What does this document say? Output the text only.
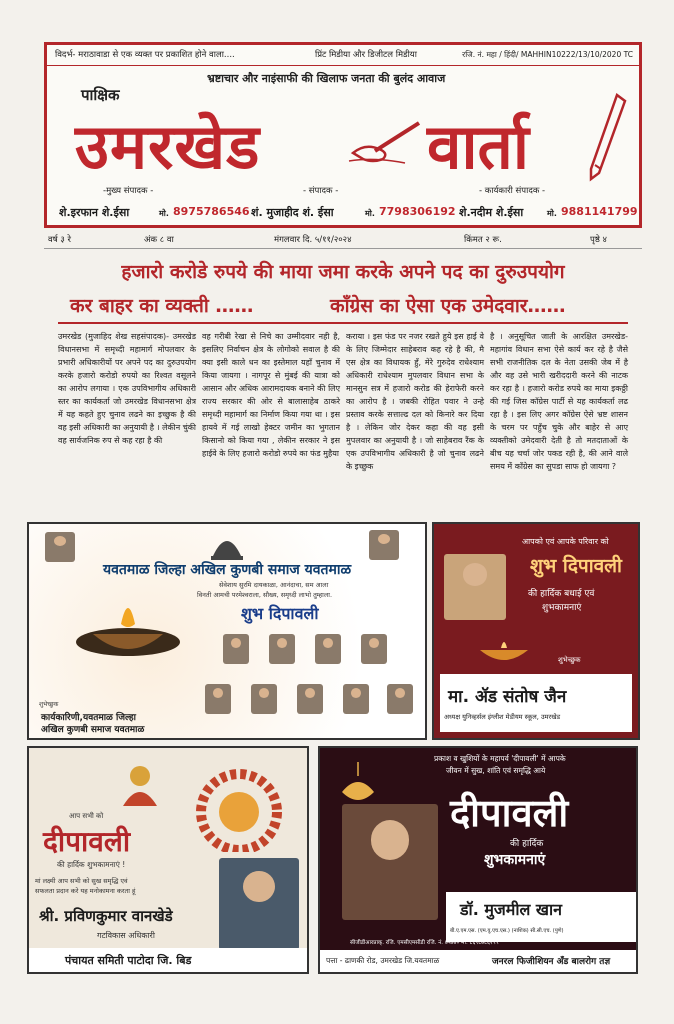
विदर्भ- मराठावाडा से एक व्यक्त पर प्रकाशित होने वाला....	प्रिंट मिडीया और डिजीटल मिडीया	रजि. नं. महा / हिंदी/ MAHHIN10222/13/10/2020 TC
भ्रष्टाचार और नाइंसाफी की खिलाफ जनता की बुलंद आवाज
पाक्षिक
उमरखेड	वार्ता
-मुख्य संपादक -	- संपादक -	- कार्यकारी संपादक -
शे.इरफान शे.ईसा	मो. 8975786546 शं. मुजाहीद शं. ईसा	मो. 7798306192 शे.नदीम शे.ईसा	मो. 9881141799
वर्ष ३ रे	अंक ८ वा	मंगलवार दि. ५/११/२०२४	किंमत २ रू.	पृष्ठे ४
हजारो करोडे रुपये की माया जमा करके अपने पद का दुरुउपयोग
कर बाहर का व्यक्ती ……	काँग्रेस का ऐसा एक उमेदवार……
उमरखेड (मुजाहिद शेख सहसंपादक)- उमरखेड विधानसभा में समृध्दी महामार्ग मोपलवार के प्रभारी अधिकारीयों पर अपने पद का दुरुउपयोग करके हजारो करोडो रुपयो का रिश्वत वसूलने का आरोप लगाया । एक उपविभागीय अधिकारी स्तर का कार्यकर्ता जो उमरखेड विधानसभा क्षेत्र में यह कहते हुए चुनाव लढने का इच्छुक है की वह इसी अधिकारी का अनुयायी है । लेकीन चुंकी वह सार्वजनिक रुप से कह रहा है की
वह गरीबी रेखा से निचे का उम्मीदवार नही है, इसलिए निर्वाचन क्षेत्र के लोगोको सवाल है की क्या इसी काले धन का इस्तेमाल यहाँ चुनाव में किया जायगा । नागपूर से मुंबई की यात्रा को आसान और अधिक आरामदायक बनाने की लिए राज्य सरकार की ओर से बालासाहेब ठाकरे समृध्दी महामार्ग का निर्माण किया गया था । इस हायवे में गई लाखो हेक्टर जमीन का भुगतान किसानो को किया गया , लेकीन सरकार ने इस हाईवे के लिए हजारो करोडो रुपये का फंड मुहैया
कराया । इस फंड पर नजर रखते हुये इस हाई वे के लिए जिम्मेदार साहेबराव कह रहे है की, मै एस क्षेत्र का विधायक हुँ, मेरे गुरुदेव राधेश्याम अधिकारी राधेश्याम मुपलवार विधान सभा के मानसुन सत्र में हजारो करोड की हेराफेरी करने का आरोप है । जबकी रोहित पवार ने उन्हे प्रस्ताव करके सत्ताल्ढ दल को किनारे कर दिया है । लेकिन जोर देकर कहा की वह इसी मुपलवार का अनुयायी है । जो साहेबराव रैंक के एक उपविभागीय अधिकारी है जो चुनाव लढने के इच्छुक
है । अनुसूचित जाती के आरक्षित उमरखेड- महागांव विधान सभा ऐसे कार्य कर रहे है जैसे सभी राजनीतिक दल के नेता उसकी जेब में है और वह उसे भारी खरीददारी करने की नाटक कर रहा है । हजारो करोड रुपये का माया इकठ्ठी की गई जिस कॉग्रेस पार्टी से यह कार्यकर्ता लढ रहा है । इस लिए अगर कॉग्रेस ऐसे भ्रष्ट शासन के चरम पर पहुँच चुके और बाहेर से आए व्यक्तीको उमेदवारी देती है तो मतदाताओं के बीच यह चर्चा जोर पकड रही है, की आने वाले समय में काँग्रेस का सुपडा साफ हो जायगा ?
यवतमाळ जिल्हा अखिल कुणबी समाज यवतमाळ
सेवेशाय सुरमि दायकाळा, आनंदाचा, सम आला
विनती आमची परमेश्वराला, सौख्य, समृध्दी लाभो तुम्हाला.
शुभ दिपावली
शुभेच्छुक
कार्यकारिणी,यवतमाळ जिल्हा
अखिल कुणबी समाज यवतमाळ
आपको एवं आपके परिवार को
शुभ दिपावली
की हार्दिक बधाई एवं
शुभकामनाएं
शुभेच्छुक
मा. ॲड संतोष जैन
अध्यक्ष युनिव्हर्सल इंग्लीश मेडीयम स्कूल, उमरखेड
आप सभी को
दीपावली
की हार्दिक शुभकामनाएं !
मां लक्ष्मी आप सभी को सुख समृद्धि एवं
सफलता प्रदान करे यह मनोकामना करता हूं
श्री. प्रविणकुमार वानखेडे
गटविकास अधिकारी
पंचायत समिती पाटोदा जि. बिड
प्रकाश व खुशियों के महापर्व 'दीपावली' में आपके
जीवन में सुख, शांति एवं समृद्धि आये
दीपावली
की हार्दिक
शुभकामनाएं
डॉ. मुजमील खान
बी.ए.एम.एस. (एम.यु.एच.एस.) (नाशिक) सी.सी.एच. (पुणे)
सीजीडीआरप्राक्. रजि. एमसीएमसीडी रजि. नं. ७५७४० मो. ८६९८७८६१९९
पत्ता - ढाणकी रोड, उमरखेड जि.यवतमाळ	जनरल फिजीशियन अँड बालरोग तज्ञ
